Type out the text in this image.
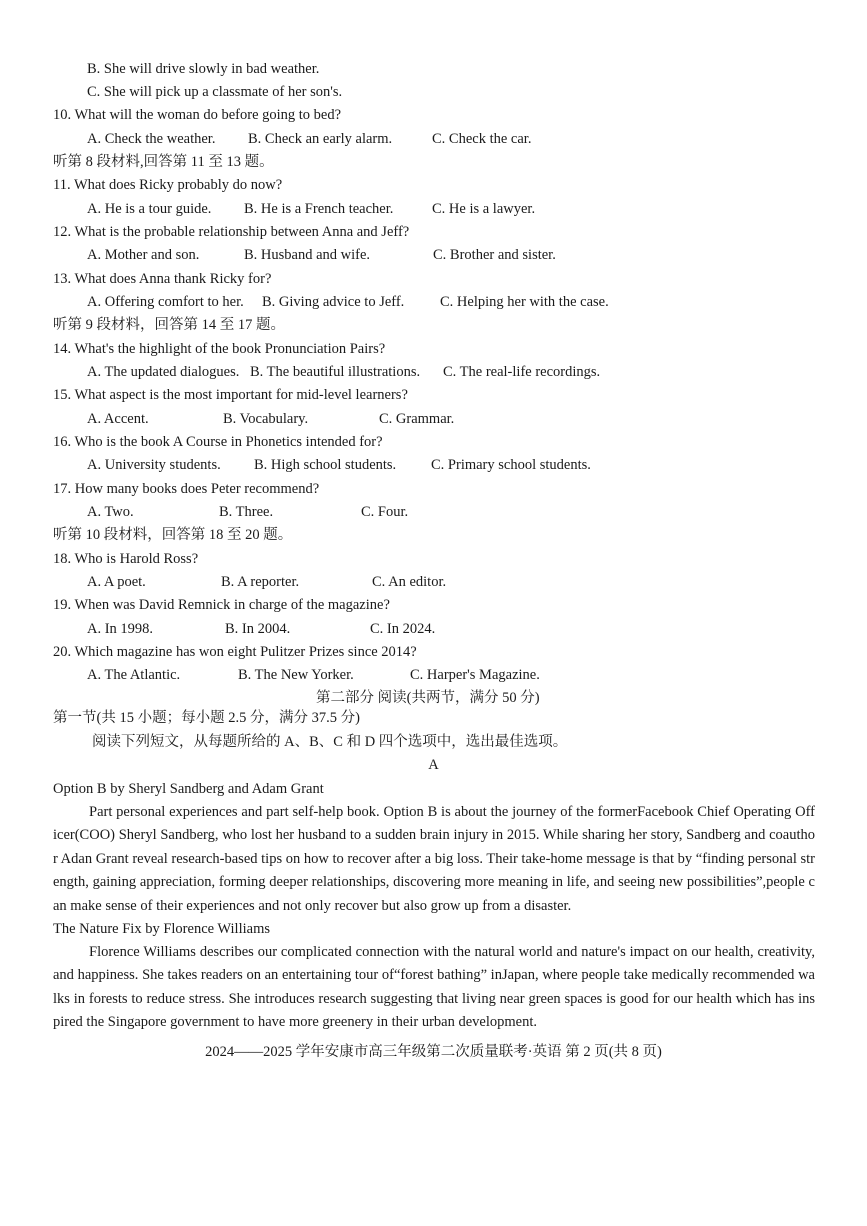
B. She will drive slowly in bad weather.
C. She will pick up a classmate of her son's.
10. What will the woman do before going to bed?
A. Check the weather. B. Check an early alarm.	C. Check the car.
听第 8 段材料,回答第 11 至 13 题。
11. What does Ricky probably do now?
A. He is a tour guide. B. He is a French teacher.	C. He is a lawyer.
12. What is the probable relationship between Anna and Jeff?
A. Mother and son.	B. Husband and wife.	C. Brother and sister.
13. What does Anna thank Ricky for?
A. Offering comfort to her. B. Giving advice to Jeff. C. Helping her with the case.
听第 9 段材料，回答第 14 至 17 题。
14. What's the highlight of the book Pronunciation Pairs?
A. The updated dialogues. B. The beautiful illustrations. C. The real-life recordings.
15. What aspect is the most important for mid-level learners?
A. Accent.	B. Vocabulary.	C. Grammar.
16. Who is the book A Course in Phonetics intended for?
A. University students. B. High school students. C. Primary school students.
17. How many books does Peter recommend?
A. Two.	B. Three.	C. Four.
听第 10 段材料，回答第 18 至 20 题。
18. Who is Harold Ross?
A. A poet.	B. A reporter.	C. An editor.
19. When was David Remnick in charge of the magazine?
A. In 1998.	B. In 2004.	C. In 2024.
20. Which magazine has won eight Pulitzer Prizes since 2014?
A. The Atlantic.	B. The New Yorker.	C. Harper's Magazine.
第二部分 阅读(共两节，满分 50 分)
第一节(共 15 小题；每小题 2.5 分，满分 37.5 分)
阅读下列短文，从每题所给的 A、B、C 和 D 四个选项中，选出最佳选项。
A
Option B by Sheryl Sandberg and Adam Grant
Part personal experiences and part self-help book. Option B is about the journey of the formerFacebook Chief Operating Officer(COO) Sheryl Sandberg, who lost her husband to a sudden brain injury in 2015. While sharing her story, Sandberg and coauthor Adan Grant reveal research-based tips on how to recover after a big loss. Their take-home message is that by “finding personal strength, gaining appreciation, forming deeper relationships, discovering more meaning in life, and seeing new possibilities”,people can make sense of their experiences and not only recover but also grow up from a disaster.
The Nature Fix by Florence Williams
Florence Williams describes our complicated connection with the natural world and nature's impact on our health, creativity, and happiness. She takes readers on an entertaining tour of“forest bathing” inJapan, where people take medically recommended walks in forests to reduce stress. She introduces research suggesting that living near green spaces is good for our health which has inspired the Singapore government to have more greenery in their urban development.
2024——2025 学年安康市高三年级第二次质量联考·英语 第 2 页(共 8 页)
